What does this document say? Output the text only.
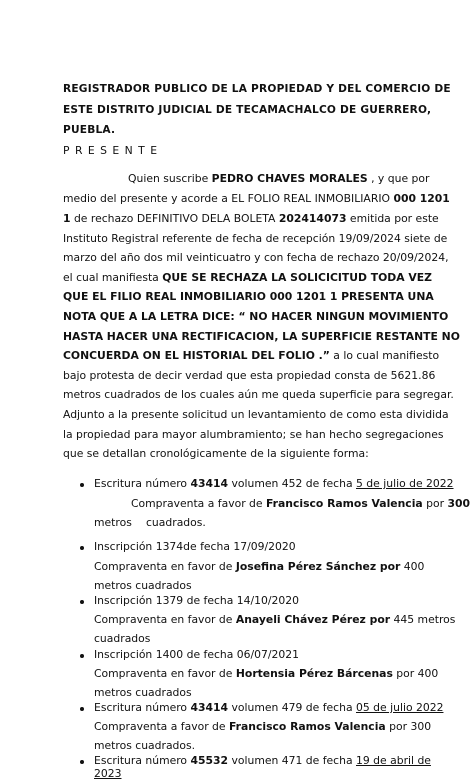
REGISTRADOR PUBLICO DE LA PROPIEDAD Y DEL COMERCIO DE
ESTE DISTRITO JUDICIAL DE TECAMACHALCO DE GUERRERO,
PUEBLA.
P R E S E N T E
Quien suscribe PEDRO CHAVES MORALES , y que por
medio del presente y acorde a EL FOLIO REAL INMOBILIARIO 000 1201
1 de rechazo DEFINITIVO DELA BOLETA 202414073 emitida por este
Instituto Registral referente de fecha de recepción 19/09/2024 siete de
marzo del año dos mil veinticuatro y con fecha de rechazo 20/09/2024,
el cual manifiesta QUE SE RECHAZA LA SOLICICITUD TODA VEZ
QUE EL FILIO REAL INMOBILIARIO 000 1201 1 PRESENTA UNA
NOTA QUE A LA LETRA DICE: “ NO HACER NINGUN MOVIMIENTO
HASTA HACER UNA RECTIFICACION, LA SUPERFICIE RESTANTE NO
CONCUERDA ON EL HISTORIAL DEL FOLIO .” a lo cual manifiesto
bajo protesta de decir verdad que esta propiedad consta de 5621.86
metros cuadrados de los cuales aún me queda superficie para segregar.
Adjunto a la presente solicitud un levantamiento de como esta dividida
la propiedad para mayor alumbramiento; se han hecho segregaciones
que se detallan cronológicamente de la siguiente forma:
Escritura número 43414 volumen 452 de fecha 5 de julio de 2022
Compraventa a favor de Francisco Ramos Valencia por 300
metros cuadrados.
Inscripción 1374de fecha 17/09/2020
Compraventa en favor de Josefina Pérez Sánchez por 400
metros cuadrados
Inscripción 1379 de fecha 14/10/2020
Compraventa en favor de Anayeli Chávez Pérez por 445 metros
cuadrados
Inscripción 1400 de fecha 06/07/2021
Compraventa en favor de Hortensia Pérez Bárcenas por 400
metros cuadrados
Escritura número 43414 volumen 479 de fecha 05 de julio 2022
Compraventa a favor de Francisco Ramos Valencia por 300
metros cuadrados.
Escritura número 45532 volumen 471 de fecha 19 de abril de
2023
